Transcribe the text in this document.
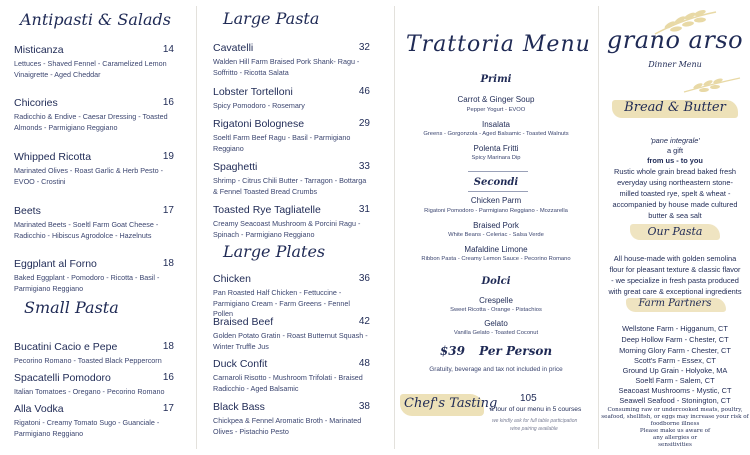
Antipasti & Salads
Misticanza	14
Lettuces - Shaved Fennel - Caramelized Lemon Vinaigrette - Aged Cheddar
Chicories	16
Radicchio & Endive - Caesar Dressing - Toasted Almonds - Parmigiano Reggiano
Whipped Ricotta	19
Marinated Olives - Roast Garlic & Herb Pesto - EVOO - Crostini
Beets	17
Marinated Beets - Soeltl Farm Goat Cheese - Radicchio - Hibiscus Agrodolce - Hazelnuts
Eggplant al Forno	18
Baked Eggplant - Pomodoro - Ricotta - Basil - Parmigiano Reggiano
Small Pasta
Bucatini Cacio e Pepe	18
Pecorino Romano - Toasted Black Peppercorn
Spacatelli Pomodoro	16
Italian Tomatoes - Oregano - Pecorino Romano
Alla Vodka	17
Rigatoni - Creamy Tomato Sugo - Guanciale - Parmigiano Reggiano
Large Pasta
Cavatelli	32
Walden Hill Farm Braised Pork Shank- Ragu - Soffritto - Ricotta Salata
Lobster Tortelloni	46
Spicy Pomodoro - Rosemary
Rigatoni Bolognese	29
Soeltl Farm Beef Ragu - Basil - Parmigiano Reggiano
Spaghetti	33
Shrimp - Citrus Chili Butter - Tarragon - Bottarga & Fennel Toasted Bread Crumbs
Toasted Rye Tagliatelle	31
Creamy Seacoast Mushroom & Porcini Ragu - Spinach - Parmigiano Reggiano
Large Plates
Chicken	36
Pan Roasted Half Chicken - Fettuccine - Parmigiano Cream - Farm Greens - Fennel Pollen
Braised Beef	42
Golden Potato Gratin - Roast Butternut Squash - Winter Truffle Jus
Duck Confit	48
Carnaroli Risotto - Mushroom Trifolati - Braised Radicchio - Aged Balsamic
Black Bass	38
Chickpea & Fennel Aromatic Broth - Marinated Olives - Pistachio Pesto
Trattoria Menu
Primi
Carrot & Ginger Soup
Pepper Yogurt - EVOO
Insalata
Greens - Gorgonzola - Aged Balsamic - Toasted Walnuts
Polenta Fritti
Spicy Marinara Dip
Secondi
Chicken Parm
Rigatoni Pomodoro - Parmigiano Reggiano - Mozzarella
Braised Pork
White Beans - Celeriac - Salsa Verde
Mafaldine Limone
Ribbon Pasta - Creamy Lemon Sauce - Pecorino Romano
Dolci
Crespelle
Sweet Ricotta - Orange - Pistachios
Gelato
Vanilla Gelato - Toasted Coconut
$39 Per Person
Gratuity, beverage and tax not included in price
Chef's Tasting 105
a tour of our menu in 5 courses
we kindly ask for full table participation
wine pairing available
grano arso
Dinner Menu
Bread & Butter
'pane integrale'
a gift
from us - to you
Rustic whole grain bread baked fresh
everyday using northeastern stone-
milled toasted rye, spelt & wheat -
accompanied by house made cultured
butter & sea salt
Our Pasta
All house-made with golden semolina
flour for pleasant texture & classic flavor
- we specialize in fresh pasta produced
with great care & exceptional ingredients
Farm Partners
Wellstone Farm - Higganum, CT
Deep Hollow Farm - Chester, CT
Morning Glory Farm - Chester, CT
Scott's Farm - Essex, CT
Ground Up Grain - Holyoke, MA
Soeltl Farm - Salem, CT
Seacoast Mushrooms - Mystic, CT
Seawell Seafood - Stonington, CT
Consuming raw or undercooked meats, poultry,
seafood, shellfish, or eggs may increase your risk of
foodborne illness
Please make us aware of
any allergies or
sensitivities
